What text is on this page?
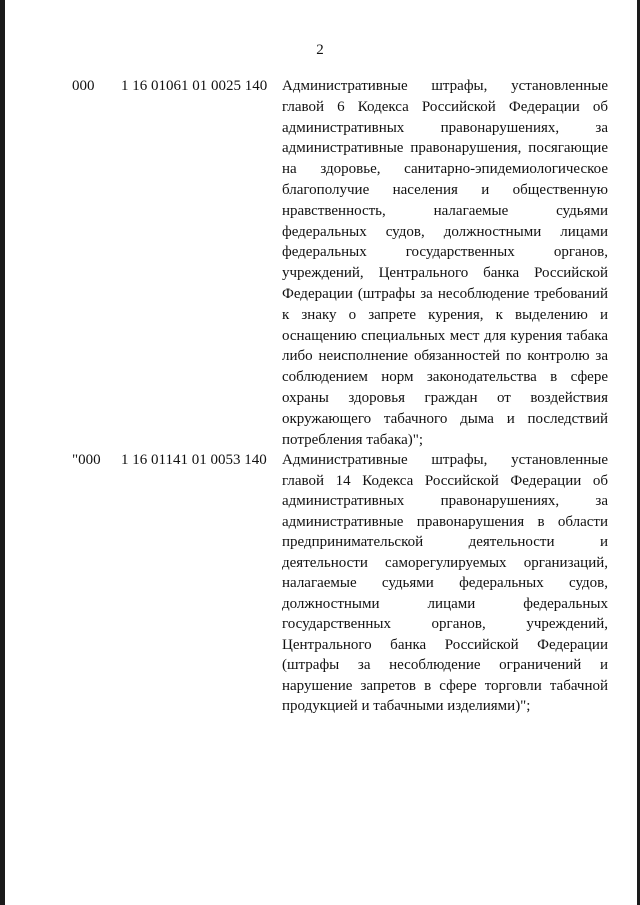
2
000 1 16 01061 01 0025 140 Административные штрафы, установленные главой 6 Кодекса Российской Федерации об административных правонарушениях, за административные правонарушения, посягающие на здоровье, санитарно-эпидемиологическое благополучие населения и общественную нравственность, налагаемые судьями федеральных судов, должностными лицами федеральных государственных органов, учреждений, Центрального банка Российской Федерации (штрафы за несоблюдение требований к знаку о запрете курения, к выделению и оснащению специальных мест для курения табака либо неисполнение обязанностей по контролю за соблюдением норм законодательства в сфере охраны здоровья граждан от воздействия окружающего табачного дыма и последствий потребления табака)";

"000 1 16 01141 01 0053 140 Административные штрафы, установленные главой 14 Кодекса Российской Федерации об административных правонарушениях, за административные правонарушения в области предпринимательской деятельности и деятельности саморегулируемых организаций, налагаемые судьями федеральных судов, должностными лицами федеральных государственных органов, учреждений, Центрального банка Российской Федерации (штрафы за несоблюдение ограничений и нарушение запретов в сфере торговли табачной продукцией и табачными изделиями)";
